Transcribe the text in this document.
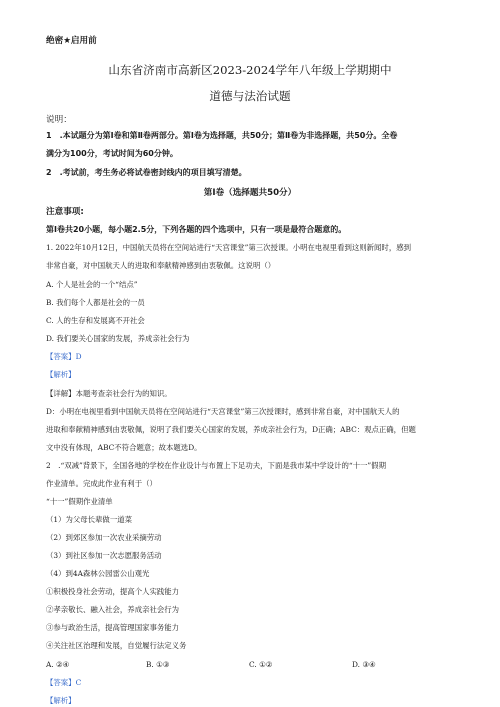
绝密★启用前
山东省济南市高新区2023-2024学年八年级上学期期中
道德与法治试题
说明：
1　.本试题分为第Ⅰ卷和第Ⅱ卷两部分。第Ⅰ卷为选择题，共50分；第Ⅱ卷为非选择题，共50分。全卷
满分为100分，考试时间为60分钟。
2　.考试前，考生务必将试卷密封线内的项目填写清楚。
第Ⅰ卷（选择题共50分）
注意事项:
第Ⅰ卷共20小题，每小题2.5分，下列各题的四个选项中，只有一项是最符合题意的。
1. 2022年10月12日，中国航天员将在空间站进行“天宫课堂”第三次授课。小明在电视里看到这则新闻时，感到
非常自豪，对中国航天人的进取和奉献精神感到由衷敬佩。这说明（）
A. 个人是社会的一个“结点”
B. 我们每个人都是社会的一员
C. 人的生存和发展离不开社会
D. 我们要关心国家的发展，养成亲社会行为
【答案】D
【解析】
【详解】本题考查亲社会行为的知识。
D：小明在电视里看到中国航天员将在空间站进行“天宫课堂”第三次授课时，感到非常自豪，对中国航天人的
进取和奉献精神感到由衷敬佩，说明了我们要关心国家的发展，养成亲社会行为，D正确；ABC：观点正确，但题
文中没有体现，ABC不符合题意；故本题选D。
2　.“双减”背景下，全国各地的学校在作业设计与布置上下足功夫，下面是我市某中学设计的“十一”假期
作业清单。完成此作业有利于（）
“十一”假期作业清单
（1）为父母长辈做一道菜
（2）到郊区参加一次农业采摘劳动
（3）到社区参加一次志愿服务活动
（4）到4A森林公园雷公山观光
①积极投身社会劳动，提高个人实践能力
②孝亲敬长、融入社会，养成亲社会行为
③参与政治生活，提高管理国家事务能力
④关注社区治理和发展，自觉履行法定义务
A. ②④	B. ①③	C. ①②	D. ③④
【答案】C
【解析】
